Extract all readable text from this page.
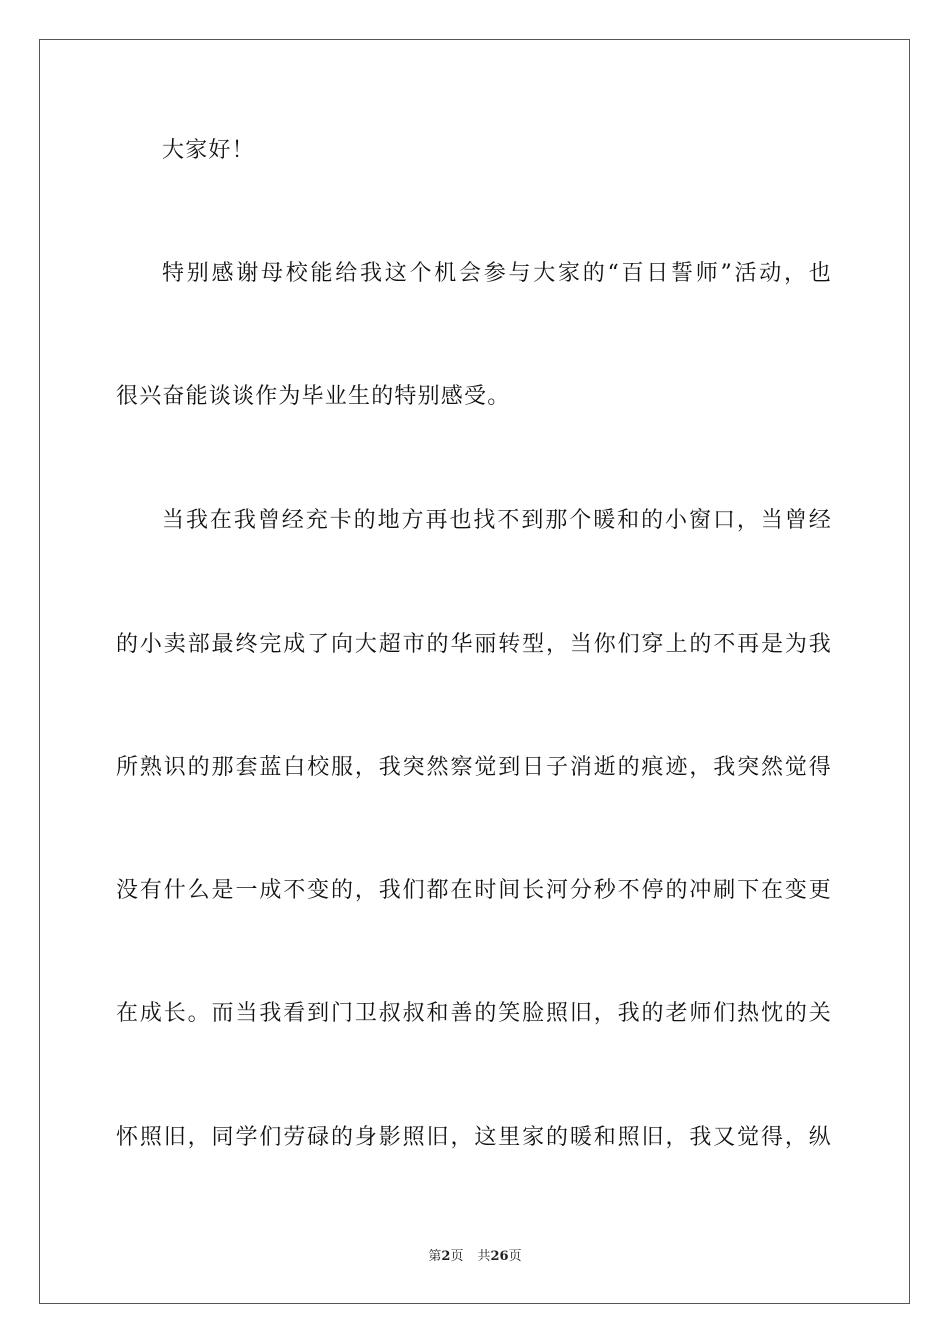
大家好！
特别感谢母校能给我这个机会参与大家的“百日誓师”活动，也
很兴奋能谈谈作为毕业生的特别感受。
当我在我曾经充卡的地方再也找不到那个暖和的小窗口，当曾经
的小卖部最终完成了向大超市的华丽转型，当你们穿上的不再是为我
所熟识的那套蓝白校服，我突然察觉到日子消逝的痕迹，我突然觉得
没有什么是一成不变的，我们都在时间长河分秒不停的冲刷下在变更
在成长。而当我看到门卫叔叔和善的笑脸照旧，我的老师们热忱的关
怀照旧，同学们劳碌的身影照旧，这里家的暖和照旧，我又觉得，纵
第2页 共26页
